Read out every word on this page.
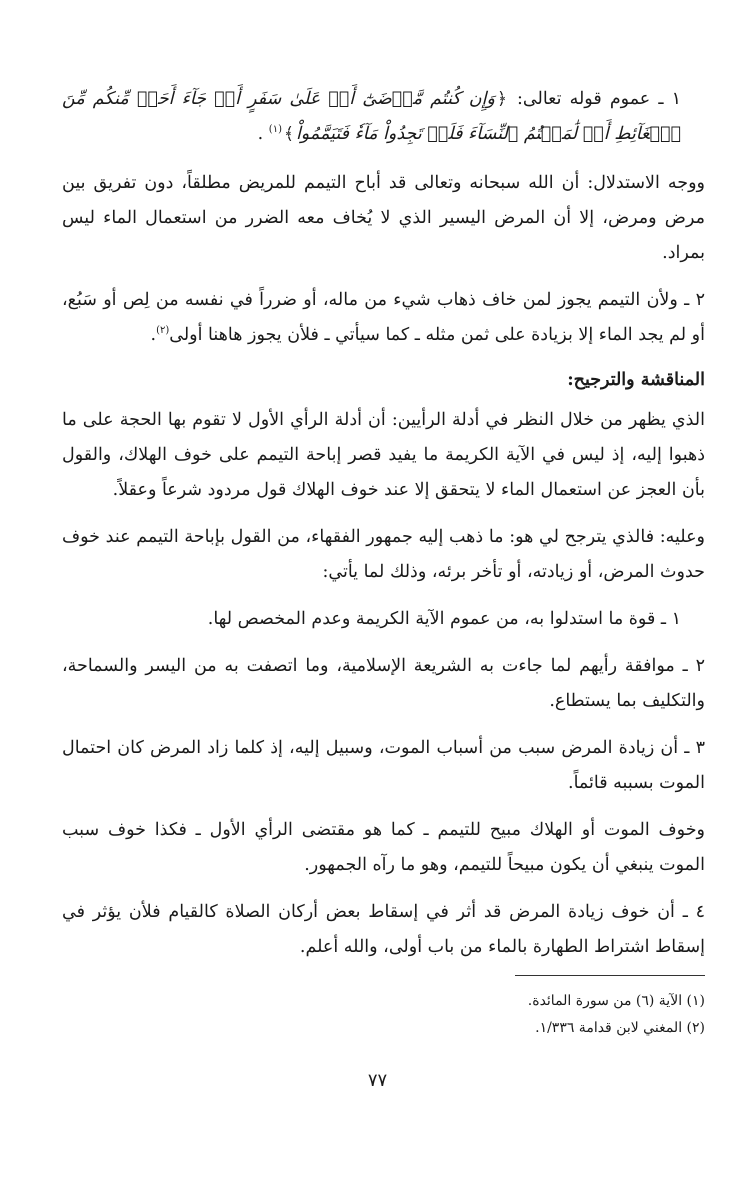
١ ـ عموم قوله تعالى: ﴿وَإِن كُنتُم مَّرۡضَىٰٓ أَوۡ عَلَىٰ سَفَرٍ أَوۡ جَآءَ أَحَدٞ مِّنكُم مِّنَ ٱلۡغَآئِطِ أَوۡ لَٰمَسۡتُمُ ٱلنِّسَآءَ فَلَمۡ تَجِدُواْ مَآءٗ فَتَيَمَّمُواْ﴾$^{(١)}$ .

ووجه الاستدلال: أن الله سبحانه وتعالى قد أباح التيمم للمريض مطلقاً، دون تفريق بين مرض ومرض، إلا أن المرض اليسير الذي لا يُخاف معه الضرر من استعمال الماء ليس بمراد.

٢ ـ ولأن التيمم يجوز لمن خاف ذهاب شيء من ماله، أو ضرراً في نفسه من لِص أو سَبُع، أو لم يجد الماء إلا بزيادة على ثمن مثله ـ كما سيأتي ـ فلأن يجوز هاهنا أولى$^{(٢)}$.

المناقشة والترجيح:

الذي يظهر من خلال النظر في أدلة الرأيين: أن أدلة الرأي الأول لا تقوم بها الحجة على ما ذهبوا إليه، إذ ليس في الآية الكريمة ما يفيد قصر إباحة التيمم على خوف الهلاك، والقول بأن العجز عن استعمال الماء لا يتحقق إلا عند خوف الهلاك قول مردود شرعاً وعقلاً.

وعليه: فالذي يترجح لي هو: ما ذهب إليه جمهور الفقهاء، من القول بإباحة التيمم عند خوف حدوث المرض، أو زيادته، أو تأخر برئه، وذلك لما يأتي:

١ ـ قوة ما استدلوا به، من عموم الآية الكريمة وعدم المخصص لها.

٢ ـ موافقة رأيهم لما جاءت به الشريعة الإسلامية، وما اتصفت به من اليسر والسماحة، والتكليف بما يستطاع.

٣ ـ أن زيادة المرض سبب من أسباب الموت، وسبيل إليه، إذ كلما زاد المرض كان احتمال الموت بسببه قائماً.

وخوف الموت أو الهلاك مبيح للتيمم ـ كما هو مقتضى الرأي الأول ـ فكذا خوف سبب الموت ينبغي أن يكون مبيحاً للتيمم، وهو ما رآه الجمهور.

٤ ـ أن خوف زيادة المرض قد أثر في إسقاط بعض أركان الصلاة كالقيام فلأن يؤثر في إسقاط اشتراط الطهارة بالماء من باب أولى، والله أعلم.

(١) الآية (٦) من سورة المائدة.

(٢) المغني لابن قدامة ١/٣٣٦.

٧٧
